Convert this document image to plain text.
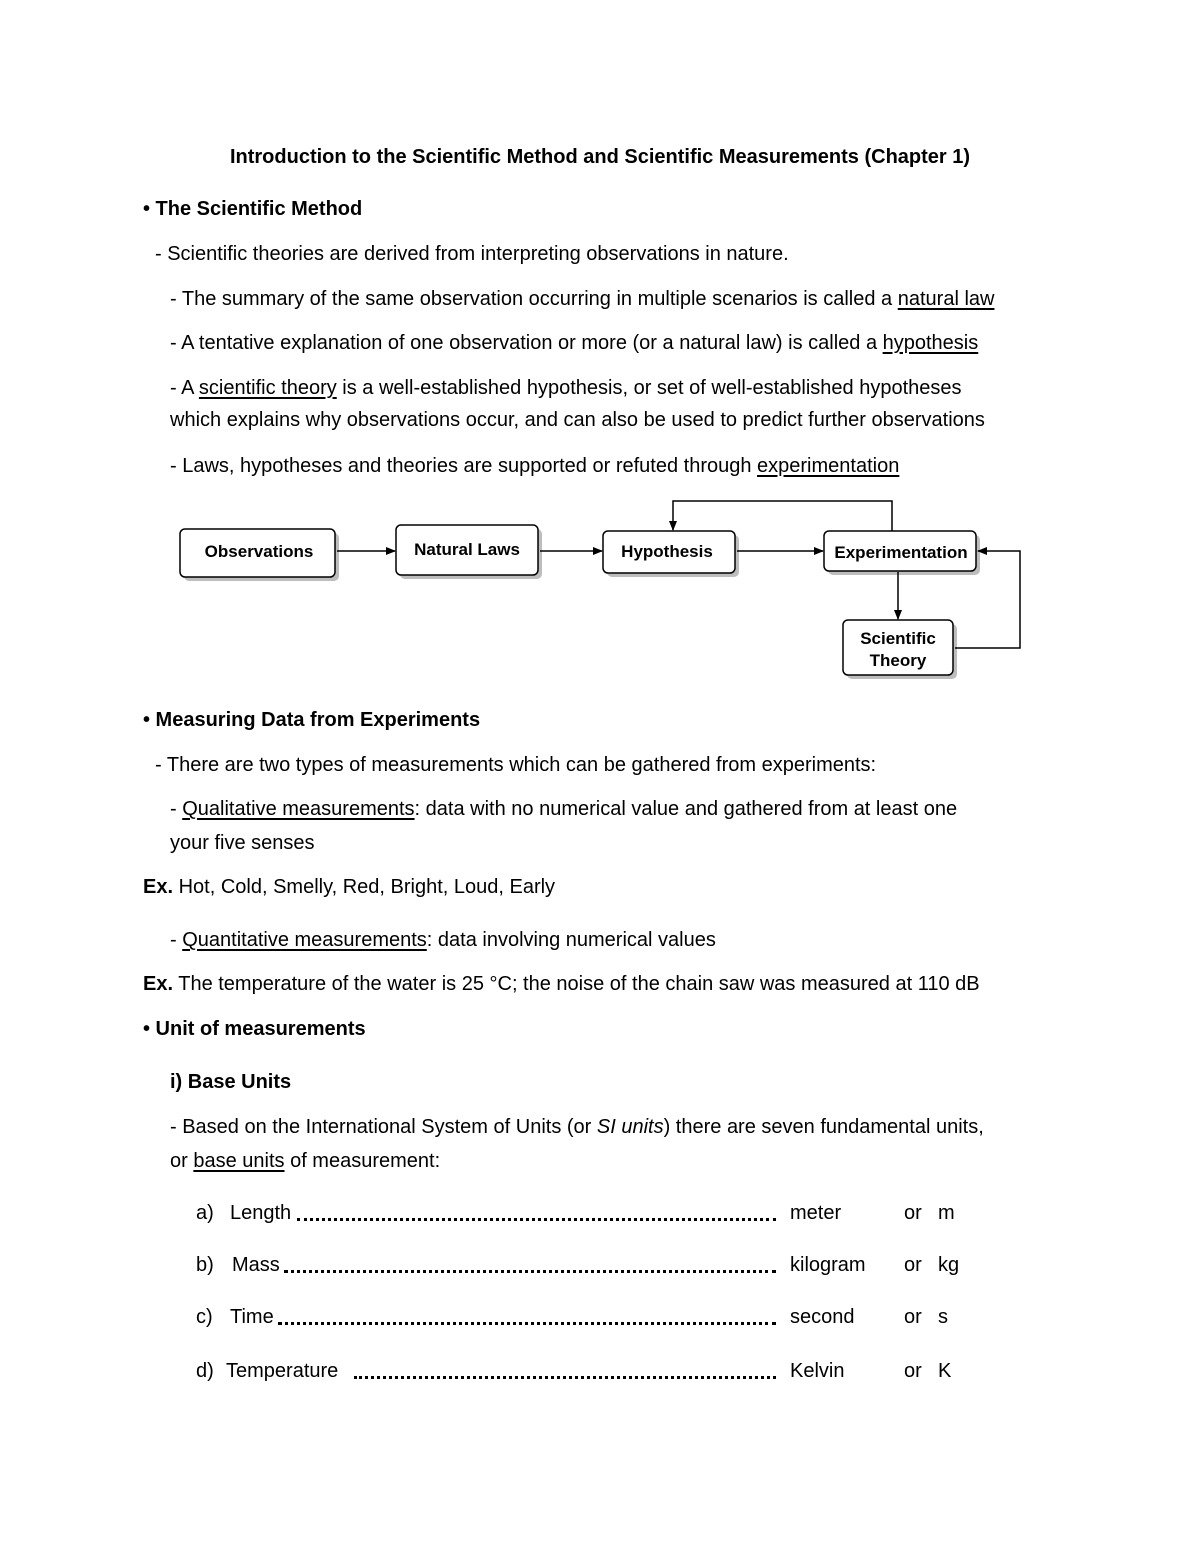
Introduction to the Scientific Method and Scientific Measurements (Chapter 1)
• The Scientific Method
- Scientific theories are derived from interpreting observations in nature.
- The summary of the same observation occurring in multiple scenarios is called a natural law
- A tentative explanation of one observation or more (or a natural law) is called a hypothesis
- A scientific theory is a well-established hypothesis, or set of well-established hypotheses
which explains why observations occur, and can also be used to predict further observations
- Laws, hypotheses and theories are supported or refuted through experimentation
Observations	Natural Laws	Hypothesis	Experimentation
Scientific
Theory
• Measuring Data from Experiments
- There are two types of measurements which can be gathered from experiments:
- Qualitative measurements: data with no numerical value and gathered from at least one
your five senses
Ex. Hot, Cold, Smelly, Red, Bright, Loud, Early
- Quantitative measurements: data involving numerical values
Ex. The temperature of the water is 25 °C; the noise of the chain saw was measured at 110 dB
• Unit of measurements
i) Base Units
- Based on the International System of Units (or SI units) there are seven fundamental units,
or base units of measurement:
a) Length	meter	or m
b) Mass	kilogram or kg
c) Time	second or s
d) Temperature	Kelvin	or K
